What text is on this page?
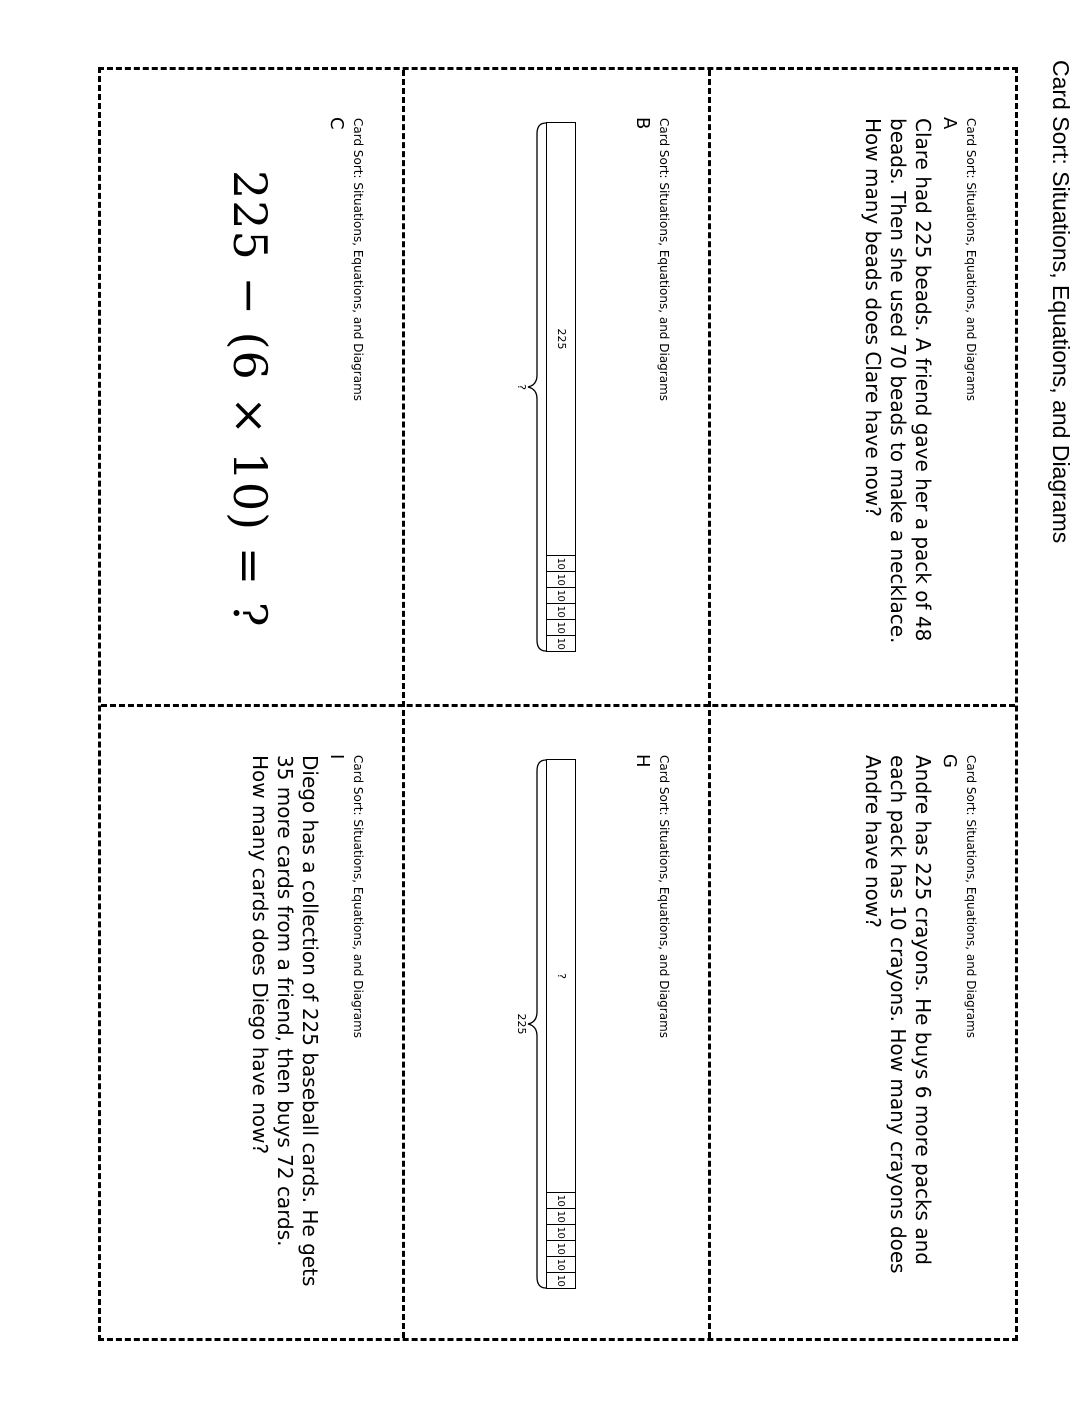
Card Sort: Situations, Equations, and Diagrams
Card Sort: Situations, Equations, and Diagrams
A

Clare had 225 beads. A friend gave her a pack of 48 beads. Then she used 70 beads to make a necklace. How many beads does Clare have now?

Card Sort: Situations, Equations, and Diagrams
G

Andre has 225 crayons. He buys 6 more packs and each pack has 10 crayons. How many crayons does Andre have now?

Card Sort: Situations, Equations, and Diagrams
B
225
10
10
10
10
10
10
?
Card Sort: Situations, Equations, and Diagrams
H
?
10
10
10
10
10
10
225
Card Sort: Situations, Equations, and Diagrams
C
225 − (6 × 10) = ?
Card Sort: Situations, Equations, and Diagrams
I

Diego has a collection of 225 baseball cards. He gets 35 more cards from a friend, then buys 72 cards. How many cards does Diego have now?
